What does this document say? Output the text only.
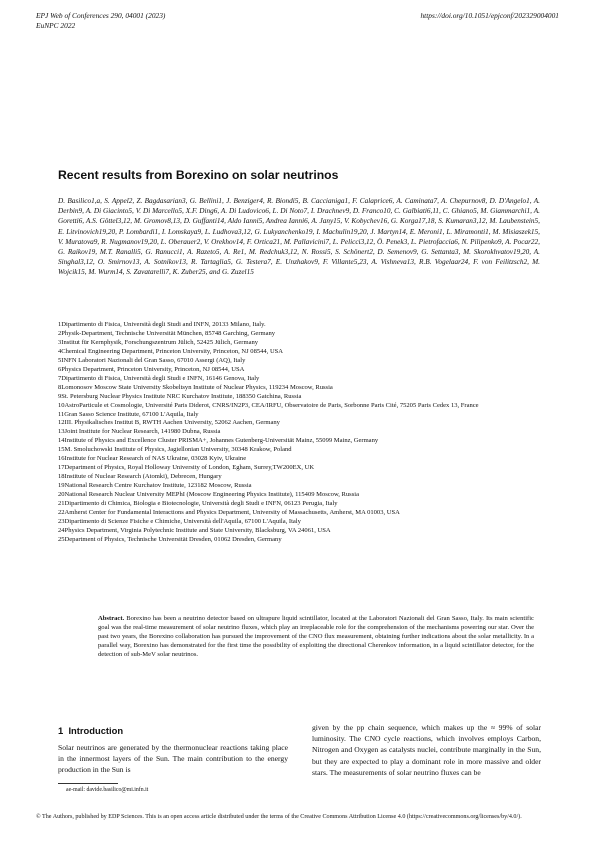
EPJ Web of Conferences 290, 04001 (2023)
EuNPC 2022
https://doi.org/10.1051/epjconf/202329004001
Recent results from Borexino on solar neutrinos
D. Basilico1,a, S. Appel2, Z. Bagdasarian3, G. Bellini1, J. Benziger4, R. Biondi5, B. Caccianiga1, F. Calaprice6, A. Caminata7, A. Chepurnov8, D. D'Angelo1, A. Derbin9, A. Di Giacinto5, V. Di Marcello5, X.F. Ding6, A. Di Ludovico6, L. Di Noto7, I. Drachnev9, D. Franco10, C. Galbiati6,11, C. Ghiano5, M. Giammarchi1, A. Goretti6, A.S. Göttel3,12, M. Gromov8,13, D. Guffanti14, Aldo Ianni5, Andrea Ianni6, A. Jany15, V. Kobychev16, G. Korga17,18, S. Kumaran3,12, M. Laubenstein5, E. Litvinovich19,20, P. Lombardi1, I. Lomskaya9, L. Ludhova3,12, G. Lukyanchenko19, I. Machulin19,20, J. Martyn14, E. Meroni1, L. Miramonti1, M. Misiaszek15, V. Muratova9, R. Nugmanov19,20, L. Oberauer2, V. Orekhov14, F. Ortica21, M. Pallavicini7, L. Pelicci3,12, Ö. Penek3, L. Pietrofaccia6, N. Pilipenko9, A. Pocar22, G. Raikov19, M.T. Ranalli5, G. Ranucci1, A. Razeto5, A. Re1, M. Redchuk3,12, N. Rossi5, S. Schönert2, D. Semenov9, G. Settanta3, M. Skorokhvatov19,20, A. Singhal3,12, O. Smirnov13, A. Sotnikov13, R. Tartaglia5, G. Testera7, E. Unzhakov9, F. Villante5,23, A. Vishneva13, R.B. Vogelaar24, F. von Feilitzsch2, M. Wojcik15, M. Wurm14, S. Zavatarelli7, K. Zuber25, and G. Zuzel15
1Dipartimento di Fisica, Università degli Studi and INFN, 20133 Milano, Italy.
2Physik-Department, Technische Universität München, 85748 Garching, Germany
3Institut für Kernphysik, Forschungszentrum Jülich, 52425 Jülich, Germany
4Chemical Engineering Department, Princeton University, Princeton, NJ 08544, USA
5INFN Laboratori Nazionali del Gran Sasso, 67010 Assergi (AQ), Italy
6Physics Department, Princeton University, Princeton, NJ 08544, USA
7Dipartimento di Fisica, Università degli Studi e INFN, 16146 Genova, Italy
8Lomonosov Moscow State University Skobeltsyn Institute of Nuclear Physics, 119234 Moscow, Russia
9St. Petersburg Nuclear Physics Institute NRC Kurchatov Institute, 188350 Gatchina, Russia
10AstroParticule et Cosmologie, Université Paris Diderot, CNRS/IN2P3, CEA/IRFU, Observatoire de Paris, Sorbonne Paris Cité, 75205 Paris Cedex 13, France
11Gran Sasso Science Institute, 67100 L'Aquila, Italy
12III. Physikalisches Institut B, RWTH Aachen University, 52062 Aachen, Germany
13Joint Institute for Nuclear Research, 141980 Dubna, Russia
14Institute of Physics and Excellence Cluster PRISMA+, Johannes Gutenberg-Universität Mainz, 55099 Mainz, Germany
15M. Smoluchowski Institute of Physics, Jagiellonian University, 30348 Krakow, Poland
16Institute for Nuclear Research of NAS Ukraine, 03028 Kyiv, Ukraine
17Department of Physics, Royal Holloway University of London, Egham, Surrey,TW200EX, UK
18Institute of Nuclear Research (Atomki), Debrecen, Hungary
19National Research Centre Kurchatov Institute, 123182 Moscow, Russia
20National Research Nuclear University MEPhI (Moscow Engineering Physics Institute), 115409 Moscow, Russia
21Dipartimento di Chimica, Biologia e Biotecnologie, Università degli Studi e INFN, 06123 Perugia, Italy
22Amherst Center for Fundamental Interactions and Physics Department, University of Massachusetts, Amherst, MA 01003, USA
23Dipartimento di Scienze Fisiche e Chimiche, Università dell'Aquila, 67100 L'Aquila, Italy
24Physics Department, Virginia Polytechnic Institute and State University, Blacksburg, VA 24061, USA
25Department of Physics, Technische Universität Dresden, 01062 Dresden, Germany
Abstract. Borexino has been a neutrino detector based on ultrapure liquid scintillator, located at the Laboratori Nazionali del Gran Sasso, Italy. Its main scientific goal was the real-time measurement of solar neutrino fluxes, which play an irreplaceable role for the comprehension of the mechanisms powering our star. Over the past two years, the Borexino collaboration has pursued the improvement of the CNO flux measurement, obtaining further indications about the solar metallicity. In a parallel way, Borexino has demonstrated for the first time the possibility of exploiting the directional Cherenkov information, in a liquid scintillator detector, for the detection of sub-MeV solar neutrinos.
1 Introduction
Solar neutrinos are generated by the thermonuclear reactions taking place in the innermost layers of the Sun. The main contribution to the energy production in the Sun is
given by the pp chain sequence, which makes up the ≈ 99% of solar luminosity. The CNO cycle reactions, which involves employs Carbon, Nitrogen and Oxygen as catalysts nuclei, contribute marginally in the Sun, but they are expected to play a dominant role in more massive and older stars. The measurements of solar neutrino fluxes can be
ae-mail: davide.basilico@mi.infn.it
© The Authors, published by EDP Sciences. This is an open access article distributed under the terms of the Creative Commons Attribution License 4.0 (https://creativecommons.org/licenses/by/4.0/).
